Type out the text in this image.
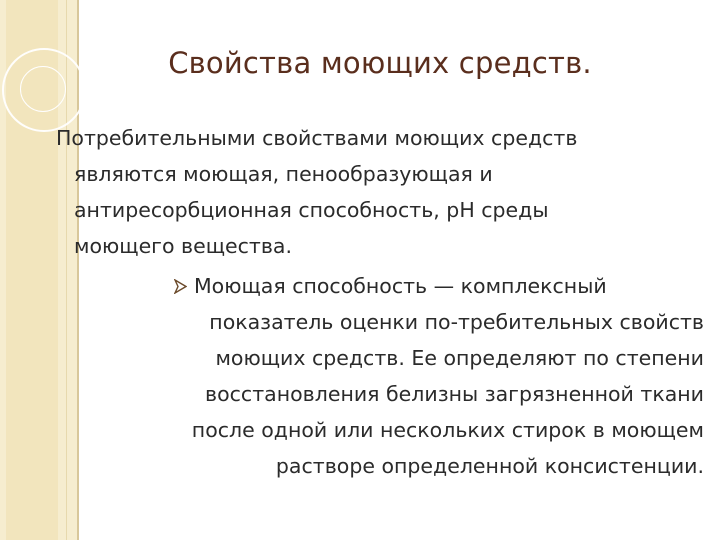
Свойства моющих средств.
Потребительными свойствами моющих средств
являются моющая, пенообразующая и
антиресорбционная способность, рН среды
моющего вещества.
Моющая способность — комплексный
показатель оценки по-требительных свойств
моющих средств. Ее определяют по степени
восстановления белизны загрязненной ткани
после одной или нескольких стирок в моющем
растворе определенной консистенции.
